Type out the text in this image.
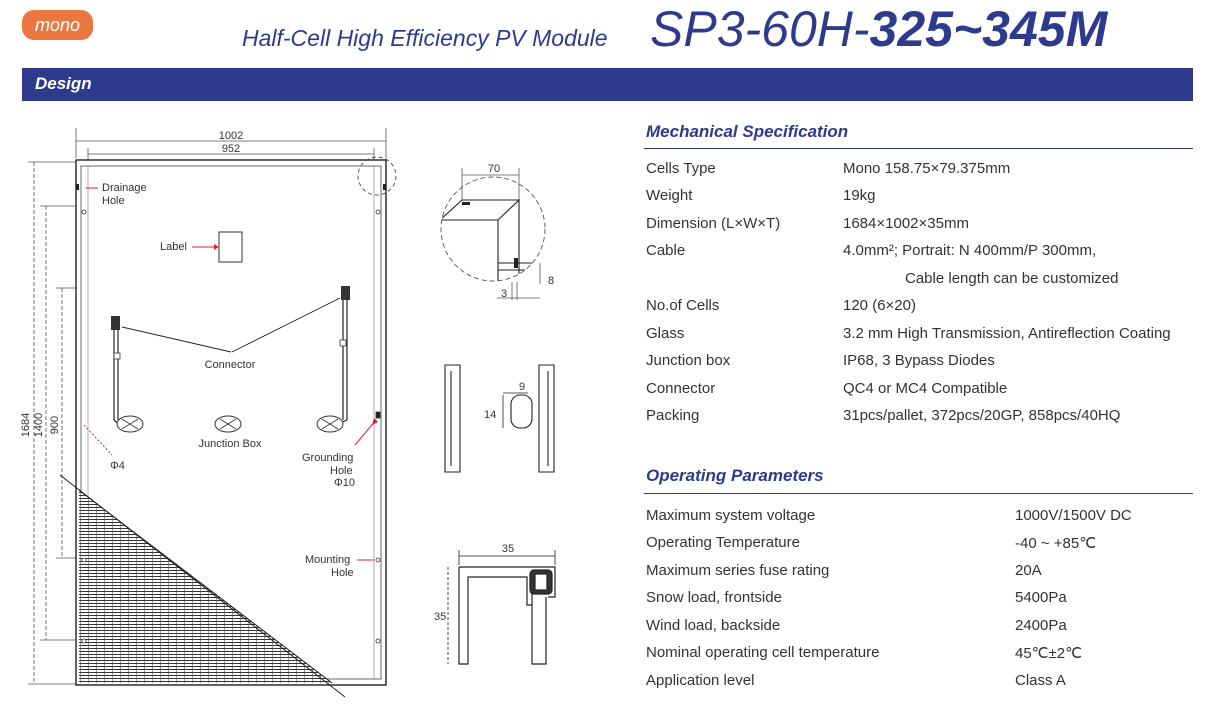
mono	Half-Cell High Efficiency PV Module SP3-60H-325~345M
Design
1002
952
1684 1400 900
Label
Drainage
Hole
Connector
Junction Box
Φ4
Grounding
Hole
Φ10
Mounting
Hole
70
8
3
9
14
35
35
Mechanical Specification
Cells Type	Mono 158.75×79.375mm
Weight	19kg
Dimension (L×W×T)	1684×1002×35mm
Cable	4.0mm²; Portrait: N 400mm/P 300mm,
Cable length can be customized
No.of Cells	120 (6×20)
Glass	3.2 mm High Transmission, Antireflection Coating
Junction box	IP68, 3 Bypass Diodes
Connector	QC4 or MC4 Compatible
Packing	31pcs/pallet, 372pcs/20GP, 858pcs/40HQ
Operating Parameters
Maximum system voltage	1000V/1500V DC
Operating Temperature	-40 ~ +85℃
Maximum series fuse rating	20A
Snow load, frontside	5400Pa
Wind load, backside	2400Pa
Nominal operating cell temperature	45℃±2℃
Application level	Class A
